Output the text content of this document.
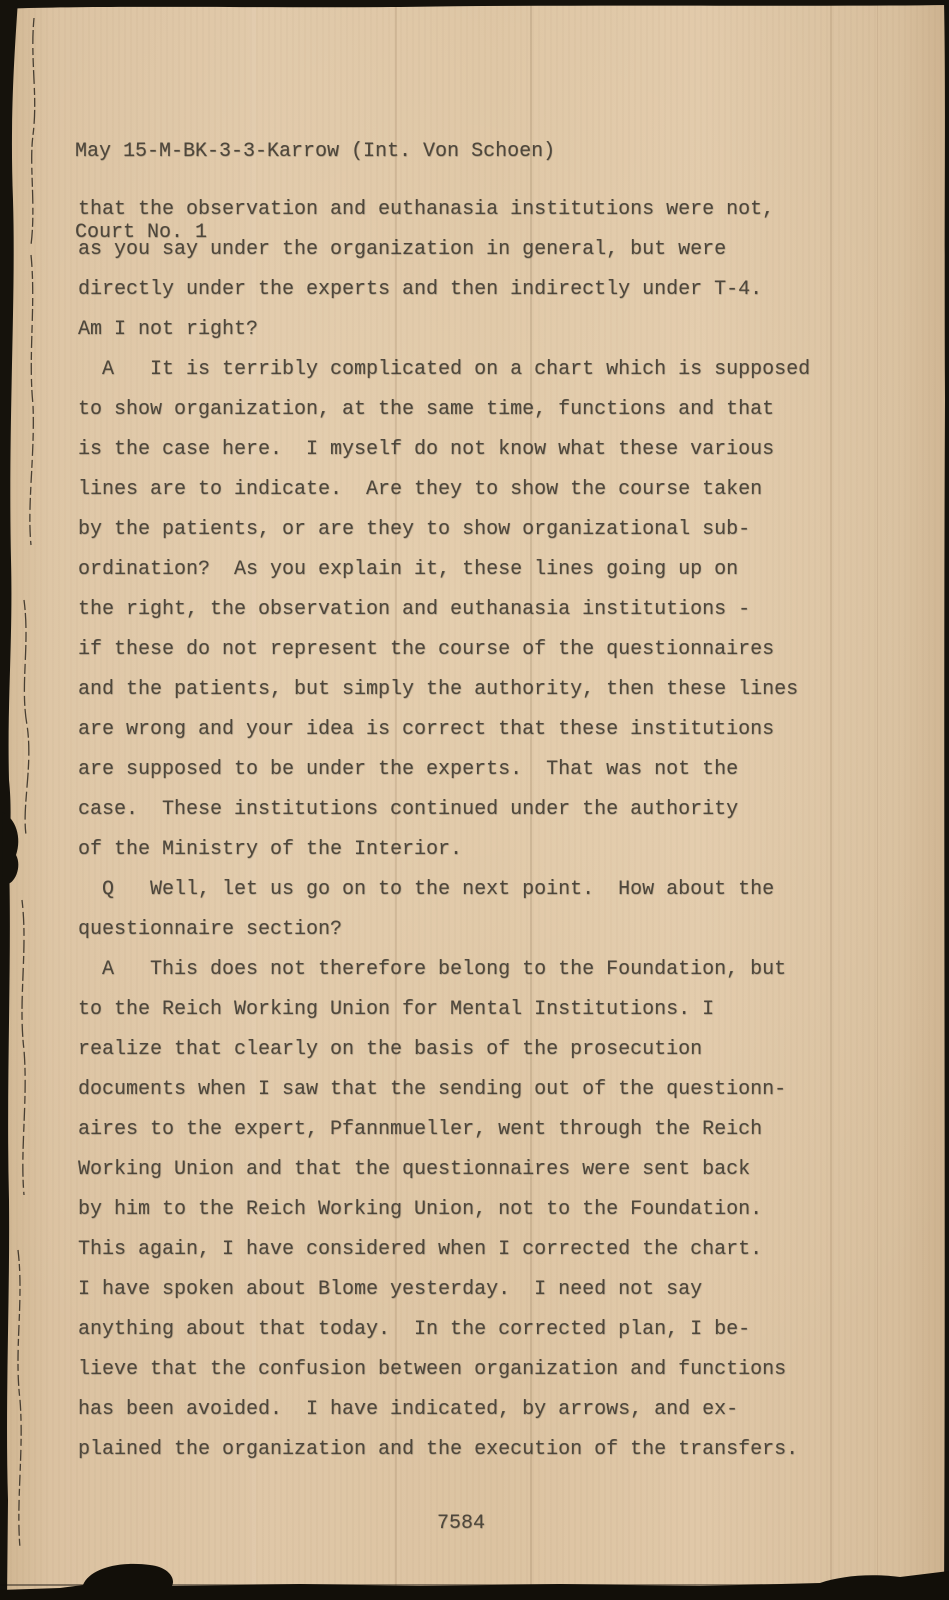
May 15-M-BK-3-3-Karrow (Int. Von Schoen)

Court No. 1

that the observation and euthanasia institutions were not,
as you say under the organization in general, but were
directly under the experts and then indirectly under T-4.
Am I not right?
A   It is terribly complicated on a chart which is supposed
to show organization, at the same time, functions and that
is the case here.  I myself do not know what these various
lines are to indicate.  Are they to show the course taken
by the patients, or are they to show organizational sub-
ordination?  As you explain it, these lines going up on
the right, the observation and euthanasia institutions -
if these do not represent the course of the questionnaires
and the patients, but simply the authority, then these lines
are wrong and your idea is correct that these institutions
are supposed to be under the experts.  That was not the
case.  These institutions continued under the authority
of the Ministry of the Interior.
Q   Well, let us go on to the next point.  How about the
questionnaire section?
A   This does not therefore belong to the Foundation, but
to the Reich Working Union for Mental Institutions. I
realize that clearly on the basis of the prosecution
documents when I saw that the sending out of the questionn-
aires to the expert, Pfannmueller, went through the Reich
Working Union and that the questionnaires were sent back
by him to the Reich Working Union, not to the Foundation.
This again, I have considered when I corrected the chart.
I have spoken about Blome yesterday.  I need not say
anything about that today.  In the corrected plan, I be-
lieve that the confusion between organization and functions
has been avoided.  I have indicated, by arrows, and ex-
plained the organization and the execution of the transfers.
7584
